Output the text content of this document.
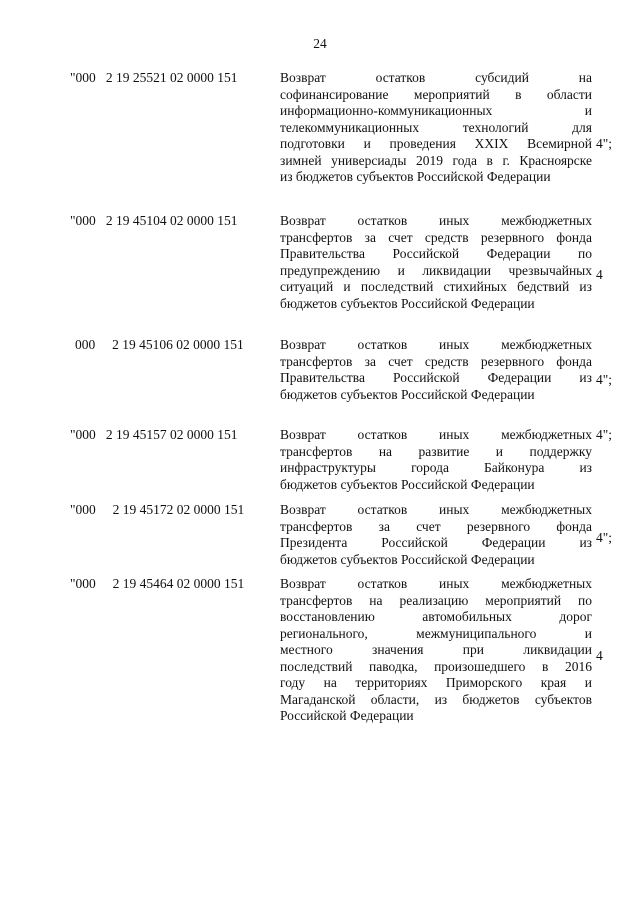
24
"000   2 19 25521 02 0000 151	Возврат остатков субсидий на
софинансирование мероприятий в области
информационно-коммуникационных и
телекоммуникационных технологий для
подготовки и проведения XXIX Всемирной
зимней универсиады 2019 года в г. Красноярске
из бюджетов субъектов Российской Федерации
4";
"000   2 19 45104 02 0000 151	Возврат остатков иных межбюджетных
трансфертов за счет средств резервного фонда
Правительства Российской Федерации по
предупреждению и ликвидации чрезвычайных
ситуаций и последствий стихийных бедствий из
бюджетов субъектов Российской Федерации
4
000     2 19 45106 02 0000 151	Возврат остатков иных межбюджетных
трансфертов за счет средств резервного фонда
Правительства Российской Федерации из
бюджетов субъектов Российской Федерации
4";
"000   2 19 45157 02 0000 151	Возврат остатков иных межбюджетных
трансфертов на развитие и поддержку
инфраструктуры города Байконура из
бюджетов субъектов Российской Федерации
4";
"000     2 19 45172 02 0000 151	Возврат остатков иных межбюджетных
трансфертов за счет резервного фонда
Президента Российской Федерации из
бюджетов субъектов Российской Федерации
4";
"000     2 19 45464 02 0000 151	Возврат остатков иных межбюджетных
трансфертов на реализацию мероприятий по
восстановлению автомобильных дорог
регионального, межмуниципального и
местного значения при ликвидации
последствий паводка, произошедшего в 2016
году на территориях Приморского края и
Магаданской области, из бюджетов субъектов
Российской Федерации
4
